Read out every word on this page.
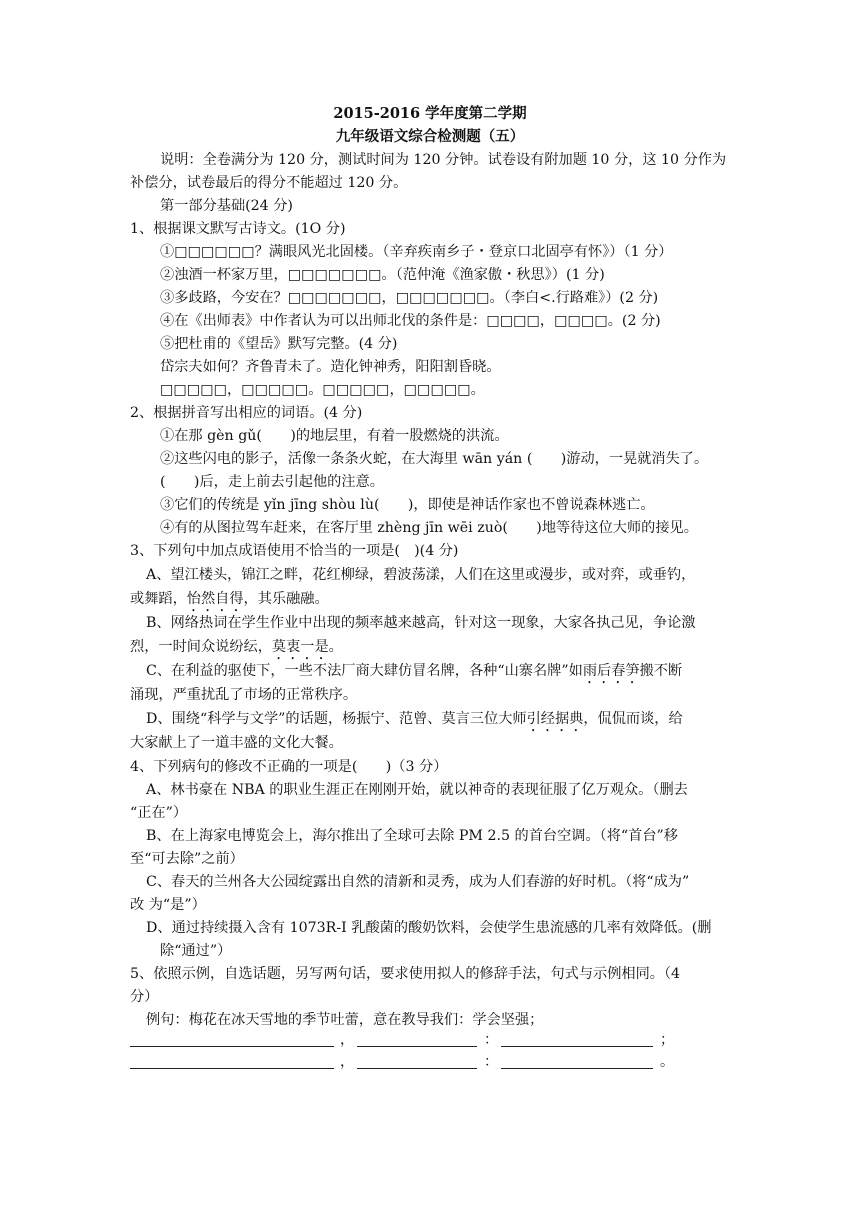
2015-2016 学年度第二学期
九年级语文综合检测题（五）
说明：全卷满分为 120 分，测试时间为 120 分钟。试卷设有附加题 10 分，这 10 分作为
补偿分，试卷最后的得分不能超过 120 分。
第一部分基础(24 分)
1、根据课文默写古诗文。(1O 分)
①□□□□□□？满眼风光北固楼。（辛弃疾南乡子・登京口北固亭有怀》）（1 分）
②浊酒一杯家万里，□□□□□□□。（范仲淹《渔家傲・秋思》）(1 分)
③多歧路，今安在？□□□□□□□，□□□□□□□。（李白<.行路难》）(2 分)
④在《出师表》中作者认为可以出师北伐的条件是：□□□□，□□□□。(2 分)
⑤把杜甫的《望岳》默写完整。(4 分)
岱宗夫如何？齐鲁青未了。造化钟神秀，阳阳割昏晓。
□□□□□，□□□□□。□□□□□，□□□□□。
2、根据拼音写出相应的词语。(4 分)
①在那 gèn gǔ(　　)的地层里，有着一股燃烧的洪流。
②这些闪电的影子，活像一条条火蛇，在大海里 wān yán (　　)游动，一晃就消失了。
(　　)后，走上前去引起他的注意。
③它们的传统是 yǐn jīng shòu lù(　　)，即使是神话作家也不曾说森林逃亡。
④有的从图拉驾车赶来，在客厅里 zhèng jīn wēi zuò(　　)地等待这位大师的接见。
3、下列句中加点成语使用不恰当的一项是(　)(4 分)
A、望江楼头，锦江之畔，花红柳绿，碧波荡漾，人们在这里或漫步，或对弈，或垂钓，
或舞蹈，怡然自得，其乐融融。
B、网络热词在学生作业中出现的频率越来越高，针对这一现象，大家各执己见，争论激
烈，一时间众说纷纭，莫衷一是。
C、在利益的驱使下，一些不法厂商大肆仿冒名牌，各种“山寨名牌”如雨后春笋搬不断
涌现，严重扰乱了市场的正常秩序。
D、围绕“科学与文学”的话题，杨振宁、范曾、莫言三位大师引经据典，侃侃而谈，给
大家献上了一道丰盛的文化大餐。
4、下列病句的修改不正确的一项是(　　)（3 分）
A、林书豪在 NBA 的职业生涯正在刚刚开始，就以神奇的表现征服了亿万观众。（删去
“正在”）
B、在上海家电博览会上，海尔推出了全球可去除 PM 2.5 的首台空调。（将“首台”移
至“可去除”之前）
C、春天的兰州各大公园绽露出自然的清新和灵秀，成为人们春游的好时机。（将“成为”
改 为“是”）
D、通过持续摄入含有 1073R-I 乳酸菌的酸奶饮料，会使学生患流感的几率有效降低。(删
除“通过”）
5、依照示例，自选话题，另写两句话，要求使用拟人的修辞手法，句式与示例相同。（4
分）
例句：梅花在冰天雪地的季节吐蕾，意在教导我们：学会坚强；
，	：	；
，	：	。
